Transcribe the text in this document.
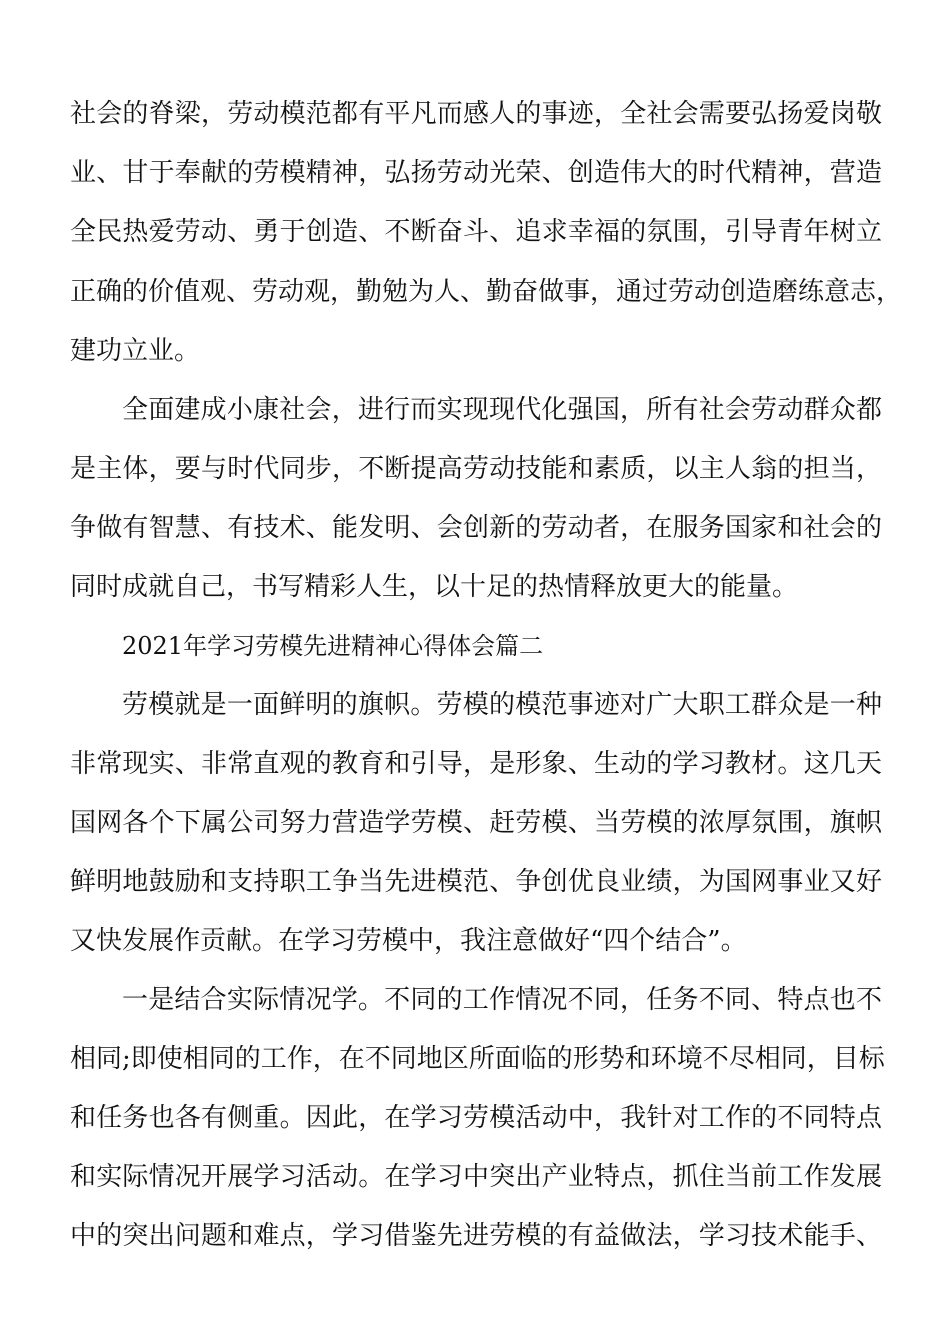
社会的脊梁，劳动模范都有平凡而感人的事迹，全社会需要弘扬爱岗敬
业、甘于奉献的劳模精神，弘扬劳动光荣、创造伟大的时代精神，营造
全民热爱劳动、勇于创造、不断奋斗、追求幸福的氛围，引导青年树立
正确的价值观、劳动观，勤勉为人、勤奋做事，通过劳动创造磨练意志，
建功立业。
全面建成小康社会，进行而实现现代化强国，所有社会劳动群众都
是主体，要与时代同步，不断提高劳动技能和素质，以主人翁的担当，
争做有智慧、有技术、能发明、会创新的劳动者，在服务国家和社会的
同时成就自己，书写精彩人生，以十足的热情释放更大的能量。
2021年学习劳模先进精神心得体会篇二
劳模就是一面鲜明的旗帜。劳模的模范事迹对广大职工群众是一种
非常现实、非常直观的教育和引导，是形象、生动的学习教材。这几天
国网各个下属公司努力营造学劳模、赶劳模、当劳模的浓厚氛围，旗帜
鲜明地鼓励和支持职工争当先进模范、争创优良业绩，为国网事业又好
又快发展作贡献。在学习劳模中，我注意做好“四个结合”。
一是结合实际情况学。不同的工作情况不同，任务不同、特点也不
相同;即使相同的工作，在不同地区所面临的形势和环境不尽相同，目标
和任务也各有侧重。因此，在学习劳模活动中，我针对工作的不同特点
和实际情况开展学习活动。在学习中突出产业特点，抓住当前工作发展
中的突出问题和难点，学习借鉴先进劳模的有益做法，学习技术能手、
